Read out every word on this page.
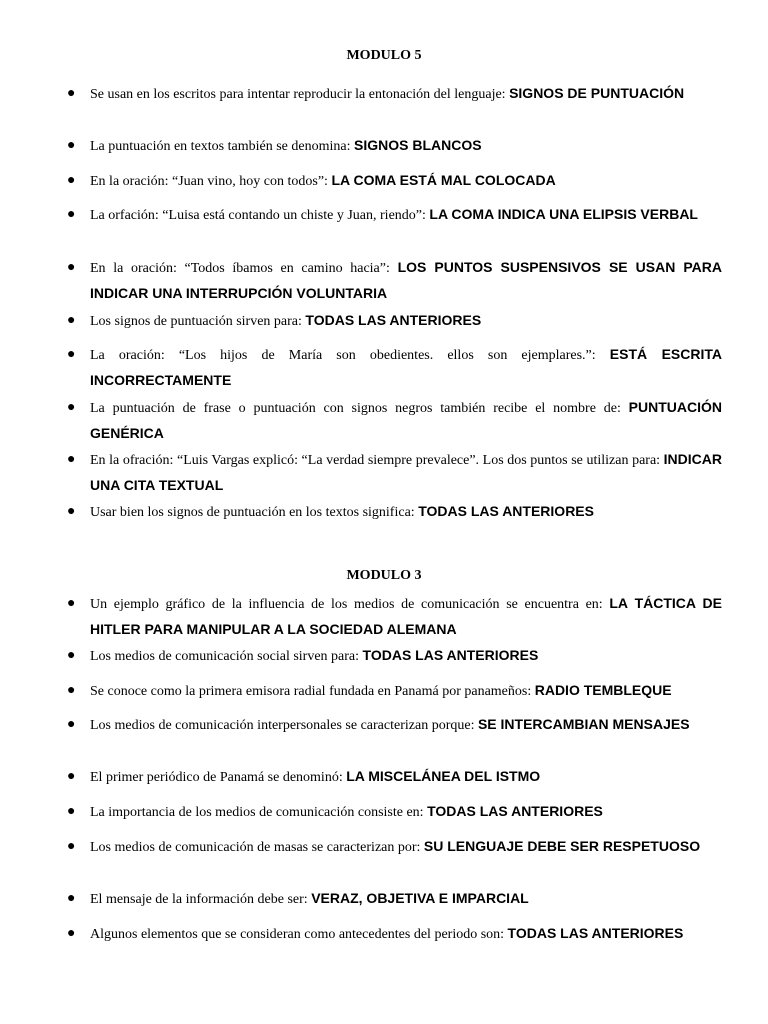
MODULO 5
● Se usan en los escritos para intentar reproducir la entonación del lenguaje: SIGNOS DE PUNTUACIÓN
● La puntuación en textos también se denomina: SIGNOS BLANCOS
● En la oración: “Juan vino, hoy con todos”: LA COMA ESTÁ MAL COLOCADA
● La orfación: “Luisa está contando un chiste y Juan, riendo”: LA COMA INDICA UNA ELIPSIS VERBAL
● En la oración: “Todos íbamos en camino hacia”: LOS PUNTOS SUSPENSIVOS SE USAN PARA INDICAR UNA INTERRUPCIÓN VOLUNTARIA
● Los signos de puntuación sirven para: TODAS LAS ANTERIORES
● La oración: “Los hijos de María son obedientes. ellos son ejemplares.”: ESTÁ ESCRITA INCORRECTAMENTE
● La puntuación de frase o puntuación con signos negros también recibe el nombre de: PUNTUACIÓN GENÉRICA
● En la ofración: “Luis Vargas explicó: “La verdad siempre prevalece”. Los dos puntos se utilizan para: INDICAR UNA CITA TEXTUAL
● Usar bien los signos de puntuación en los textos significa: TODAS LAS ANTERIORES
MODULO 3
● Un ejemplo gráfico de la influencia de los medios de comunicación se encuentra en: LA TÁCTICA DE HITLER PARA MANIPULAR A LA SOCIEDAD ALEMANA
● Los medios de comunicación social sirven para: TODAS LAS ANTERIORES
● Se conoce como la primera emisora radial fundada en Panamá por panameños: RADIO TEMBLEQUE
● Los medios de comunicación interpersonales se caracterizan porque: SE INTERCAMBIAN MENSAJES
● El primer periódico de Panamá se denominó: LA MISCELÁNEA DEL ISTMO
● La importancia de los medios de comunicación consiste en: TODAS LAS ANTERIORES
● Los medios de comunicación de masas se caracterizan por: SU LENGUAJE DEBE SER RESPETUOSO
● El mensaje de la información debe ser: VERAZ, OBJETIVA E IMPARCIAL
● Algunos elementos que se consideran como antecedentes del periodo son: TODAS LAS ANTERIORES
